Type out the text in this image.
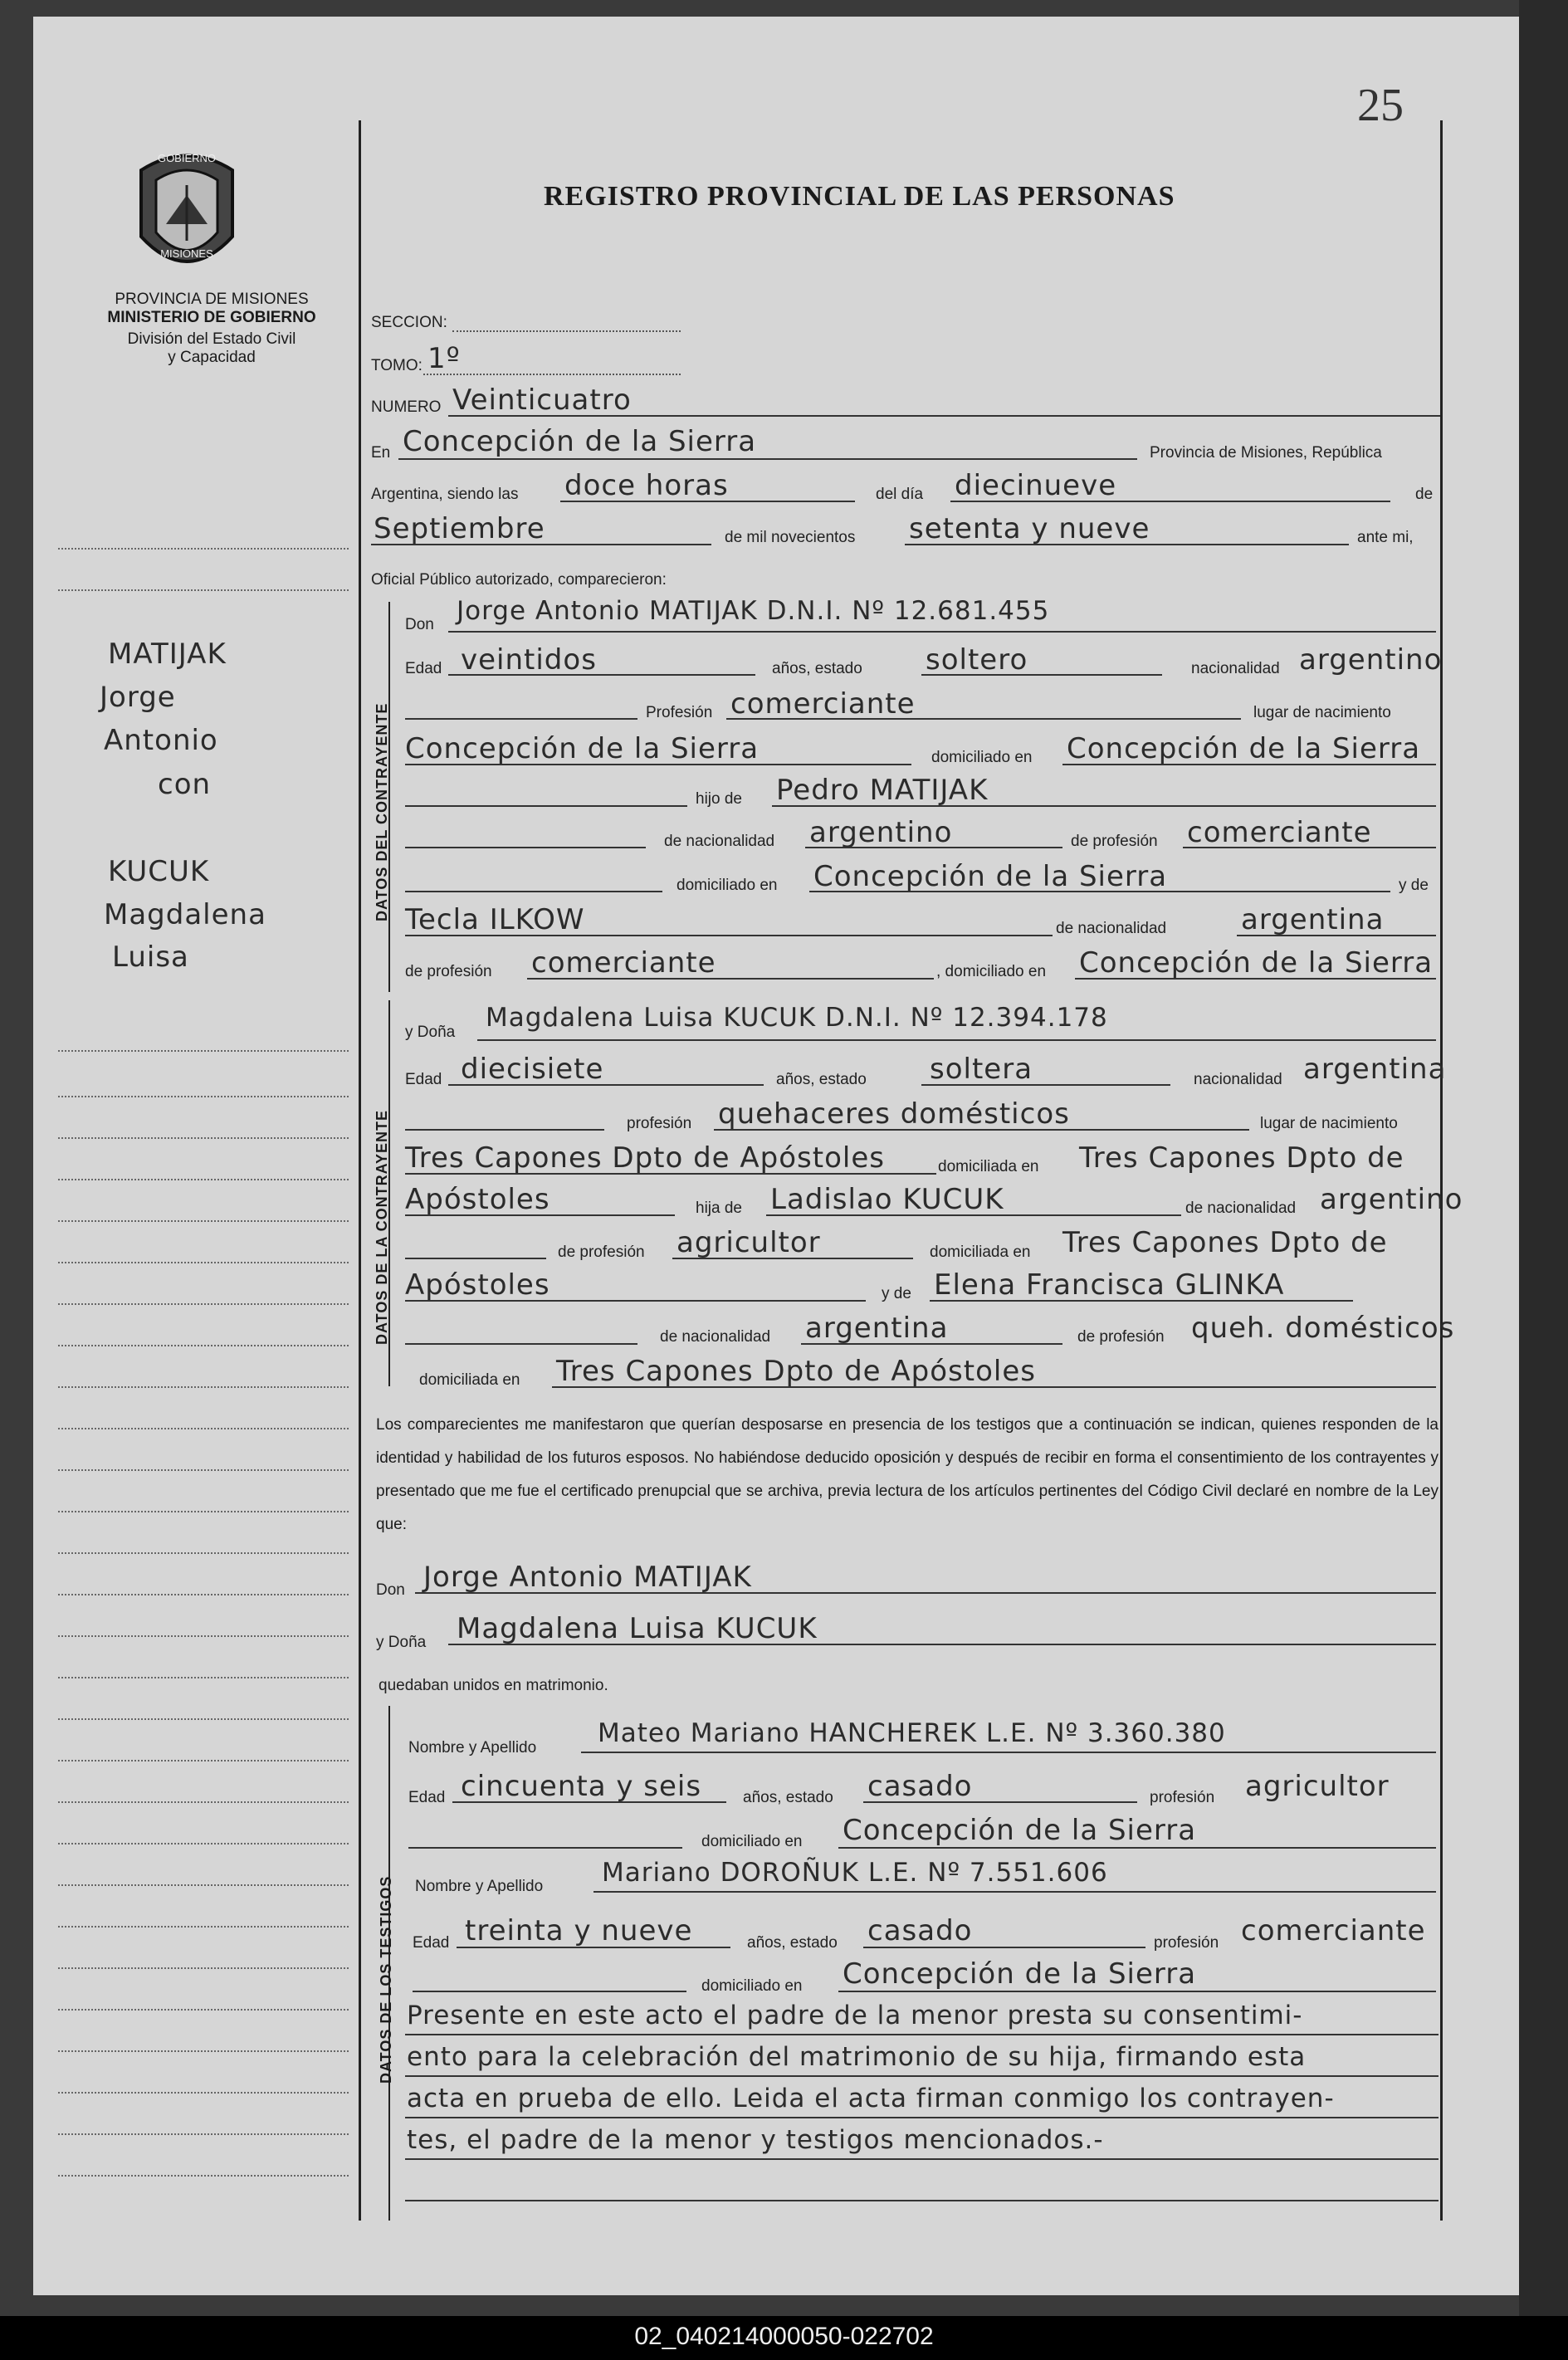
25
GOBIERNO
MISIONES
PROVINCIA DE MISIONES
MINISTERIO DE GOBIERNO
División del Estado Civil
y Capacidad
REGISTRO PROVINCIAL DE LAS PERSONAS
MATIJAK
Jorge
Antonio
con
KUCUK
Magdalena
Luisa
SECCION:
TOMO: 1º
NUMERO Veinticuatro
En Concepción de la Sierra	Provincia de Misiones, República
Argentina, siendo las doce horas	del día diecinueve	de
Septiembre	de mil novecientos setenta y nueve	ante mi,
Oficial Público autorizado, comparecieron:
DATOS DEL CONTRAYENTE
Don Jorge Antonio MATIJAK D.N.I. Nº 12.681.455
Edad veintidos	años, estado soltero	nacionalidad argentino
Profesión comerciante	lugar de nacimiento
Concepción de la Sierra	domiciliado en Concepción de la Sierra
hijo de Pedro MATIJAK
de nacionalidad argentino	de profesión comerciante
domiciliado en Concepción de la Sierra	y de
Tecla ILKOW	de nacionalidad	argentina
de profesión comerciante	, domiciliado en Concepción de la Sierra
DATOS DE LA CONTRAYENTE
y Doña Magdalena Luisa KUCUK D.N.I. Nº 12.394.178
Edad diecisiete	años, estado soltera	nacionalidad argentina
profesión quehaceres domésticos	lugar de nacimiento
Tres Capones Dpto de Apóstoles	domiciliada en Tres Capones Dpto de
Apóstoles	hija de Ladislao KUCUK	de nacionalidad argentino
de profesión agricultor	domiciliada en Tres Capones Dpto de
Apóstoles	y de Elena Francisca GLINKA
de nacionalidad argentina	de profesión queh. domésticos
domiciliada en Tres Capones Dpto de Apóstoles
Los comparecientes me manifestaron que querían desposarse en presencia de los testigos que a continuación se indican, quienes responden de la identidad y habilidad de los futuros esposos. No habiéndose deducido oposición y después de recibir en forma el consentimiento de los contrayentes y presentado que me fue el certificado prenupcial que se archiva, previa lectura de los artículos pertinentes del Código Civil declaré en nombre de la Ley que:
Don Jorge Antonio MATIJAK
y Doña Magdalena Luisa KUCUK
quedaban unidos en matrimonio.
DATOS DE LOS TESTIGOS
Nombre y Apellido Mateo Mariano HANCHEREK L.E. Nº 3.360.380
Edad cincuenta y seis	años, estado casado	profesión agricultor
domiciliado en Concepción de la Sierra
Nombre y Apellido Mariano DOROÑUK L.E. Nº 7.551.606
Edad treinta y nueve	años, estado casado	profesión comerciante
domiciliado en Concepción de la Sierra
Presente en este acto el padre de la menor presta su consentimi-
ento para la celebración del matrimonio de su hija, firmando esta
acta en prueba de ello. Leida el acta firman conmigo los contrayen-
tes, el padre de la menor y testigos mencionados.-
02_040214000050-022702
